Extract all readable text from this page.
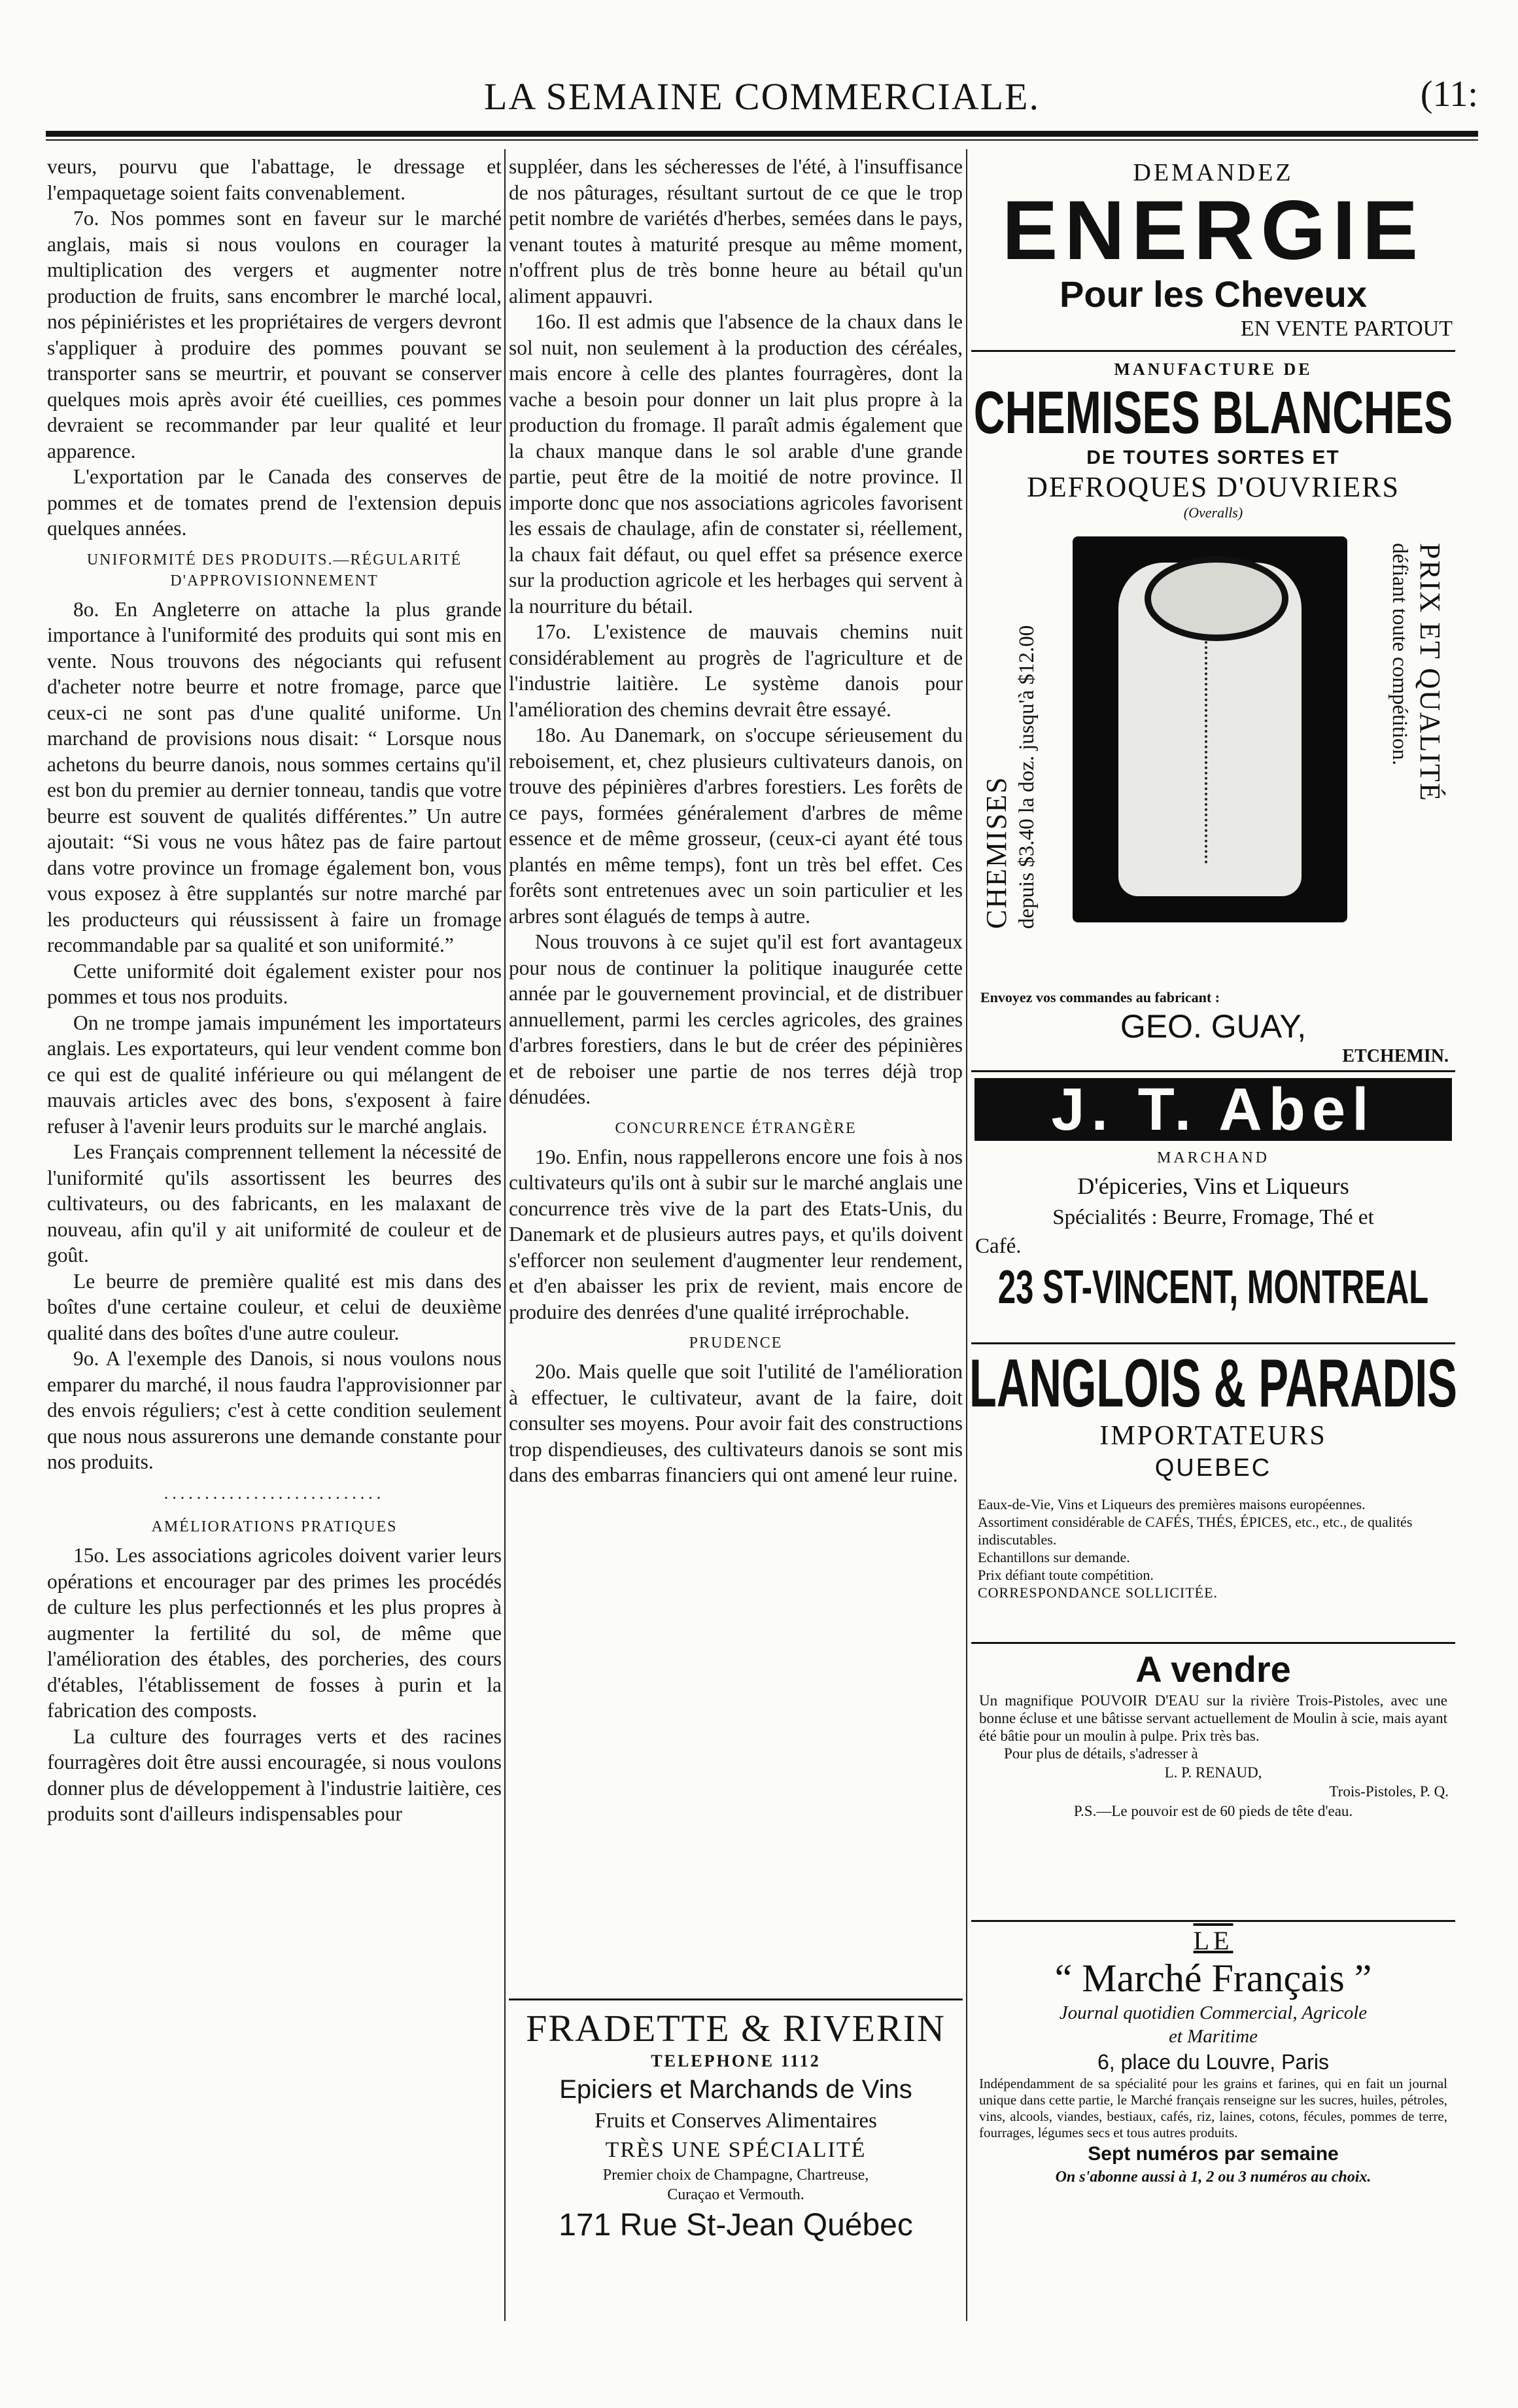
LA SEMAINE COMMERCIALE.	(11:

veurs, pourvu que l'abattage, le dressage et l'empaquetage soient faits convenablement.

7o. Nos pommes sont en faveur sur le marché anglais, mais si nous voulons en courager la multiplication des vergers et augmenter notre production de fruits, sans encombrer le marché local, nos pépiniéristes et les propriétaires de vergers devront s'appliquer à produire des pommes pouvant se transporter sans se meurtrir, et pouvant se conserver quelques mois après avoir été cueillies, ces pommes devraient se recommander par leur qualité et leur apparence.

L'exportation par le Canada des conserves de pommes et de tomates prend de l'extension depuis quelques années.

UNIFORMITÉ DES PRODUITS.—RÉGULARITÉ D'APPROVISIONNEMENT

8o. En Angleterre on attache la plus grande importance à l'uniformité des produits qui sont mis en vente. Nous trouvons des négociants qui refusent d'acheter notre beurre et notre fromage, parce que ceux-ci ne sont pas d'une qualité uniforme. Un marchand de provisions nous disait: “ Lorsque nous achetons du beurre danois, nous sommes certains qu'il est bon du premier au dernier tonneau, tandis que votre beurre est souvent de qualités différentes.” Un autre ajoutait: “Si vous ne vous hâtez pas de faire partout dans votre province un fromage également bon, vous vous exposez à être supplantés sur notre marché par les producteurs qui réussissent à faire un fromage recommandable par sa qualité et son uniformité.”

Cette uniformité doit également exister pour nos pommes et tous nos produits.

On ne trompe jamais impunément les importateurs anglais. Les exportateurs, qui leur vendent comme bon ce qui est de qualité inférieure ou qui mélangent de mauvais articles avec des bons, s'exposent à faire refuser à l'avenir leurs produits sur le marché anglais.

Les Français comprennent tellement la nécessité de l'uniformité qu'ils assortissent les beurres des cultivateurs, ou des fabricants, en les malaxant de nouveau, afin qu'il y ait uniformité de couleur et de goût.

Le beurre de première qualité est mis dans des boîtes d'une certaine couleur, et celui de deuxième qualité dans des boîtes d'une autre couleur.

9o. A l'exemple des Danois, si nous voulons nous emparer du marché, il nous faudra l'approvisionner par des envois réguliers; c'est à cette condition seulement que nous nous assurerons une demande constante pour nos produits.

...........................
AMÉLIORATIONS PRATIQUES

15o. Les associations agricoles doivent varier leurs opérations et encourager par des primes les procédés de culture les plus perfectionnés et les plus propres à augmenter la fertilité du sol, de même que l'amélioration des étables, des porcheries, des cours d'étables, l'établissement de fosses à purin et la fabrication des composts.

La culture des fourrages verts et des racines fourragères doit être aussi encouragée, si nous voulons donner plus de développement à l'industrie laitière, ces produits sont d'ailleurs indispensables pour

suppléer, dans les sécheresses de l'été, à l'insuffisance de nos pâturages, résultant surtout de ce que le trop petit nombre de variétés d'herbes, semées dans le pays, venant toutes à maturité presque au même moment, n'offrent plus de très bonne heure au bétail qu'un aliment appauvri.

16o. Il est admis que l'absence de la chaux dans le sol nuit, non seulement à la production des céréales, mais encore à celle des plantes fourragères, dont la vache a besoin pour donner un lait plus propre à la production du fromage. Il paraît admis également que la chaux manque dans le sol arable d'une grande partie, peut être de la moitié de notre province. Il importe donc que nos associations agricoles favorisent les essais de chaulage, afin de constater si, réellement, la chaux fait défaut, ou quel effet sa présence exerce sur la production agricole et les herbages qui servent à la nourriture du bétail.

17o. L'existence de mauvais chemins nuit considérablement au progrès de l'agriculture et de l'industrie laitière. Le système danois pour l'amélioration des chemins devrait être essayé.

18o. Au Danemark, on s'occupe sérieusement du reboisement, et, chez plusieurs cultivateurs danois, on trouve des pépinières d'arbres forestiers. Les forêts de ce pays, formées généralement d'arbres de même essence et de même grosseur, (ceux-ci ayant été tous plantés en même temps), font un très bel effet. Ces forêts sont entretenues avec un soin particulier et les arbres sont élagués de temps à autre.

Nous trouvons à ce sujet qu'il est fort avantageux pour nous de continuer la politique inaugurée cette année par le gouvernement provincial, et de distribuer annuellement, parmi les cercles agricoles, des graines d'arbres forestiers, dans le but de créer des pépinières et de reboiser une partie de nos terres déjà trop dénudées.

CONCURRENCE ÉTRANGÈRE

19o. Enfin, nous rappellerons encore une fois à nos cultivateurs qu'ils ont à subir sur le marché anglais une concurrence très vive de la part des Etats-Unis, du Danemark et de plusieurs autres pays, et qu'ils doivent s'efforcer non seulement d'augmenter leur rendement, et d'en abaisser les prix de revient, mais encore de produire des denrées d'une qualité irréprochable.

PRUDENCE

20o. Mais quelle que soit l'utilité de l'amélioration à effectuer, le cultivateur, avant de la faire, doit consulter ses moyens. Pour avoir fait des constructions trop dispendieuses, des cultivateurs danois se sont mis dans des embarras financiers qui ont amené leur ruine.

FRADETTE & RIVERIN
TELEPHONE 1112
Epiciers et Marchands de Vins
Fruits et Conserves Alimentaires
TRÈS UNE SPÉCIALITÉ
Premier choix de Champagne, Chartreuse,
Curaçao et Vermouth.
171 Rue St-Jean Québec
DEMANDEZ
ENERGIE
Pour les Cheveux
EN VENTE PARTOUT
MANUFACTURE DE
CHEMISES BLANCHES
DE TOUTES SORTES ET
DEFROQUES D'OUVRIERS
(Overalls)
CHEMISES depuis $3.40 la doz. jusqu'à $12.00	PRIX ET QUALITÉ
défiant toute compétition.
Envoyez vos commandes au fabricant :
GEO. GUAY,
ETCHEMIN.
J. T. Abel
MARCHAND
D'épiceries, Vins et Liqueurs
Spécialités : Beurre, Fromage, Thé et
Café.
23 ST-VINCENT, MONTREAL
LANGLOIS & PARADIS
IMPORTATEURS
QUEBEC
Eaux-de-Vie, Vins et Liqueurs des premières maisons européennes.
Assortiment considérable de CAFÉS, THÉS, ÉPICES, etc., etc., de qualités indiscutables.
Echantillons sur demande.
Prix défiant toute compétition.
CORRESPONDANCE SOLLICITÉE.
A vendre
Un magnifique POUVOIR D'EAU sur la rivière Trois-Pistoles, avec une bonne écluse et une bâtisse servant actuellement de Moulin à scie, mais ayant été bâtie pour un moulin à pulpe. Prix très bas.
Pour plus de détails, s'adresser à
L. P. RENAUD,
Trois-Pistoles, P. Q.
P.S.—Le pouvoir est de 60 pieds de tête d'eau.
LE
“ Marché Français ”
Journal quotidien Commercial, Agricole
et Maritime
6, place du Louvre, Paris
Indépendamment de sa spécialité pour les grains et farines, qui en fait un journal unique dans cette partie, le Marché français renseigne sur les sucres, huiles, pétroles, vins, alcools, viandes, bestiaux, cafés, riz, laines, cotons, fécules, pommes de terre, fourrages, légumes secs et tous autres produits.
Sept numéros par semaine
On s'abonne aussi à 1, 2 ou 3 numéros au choix.
